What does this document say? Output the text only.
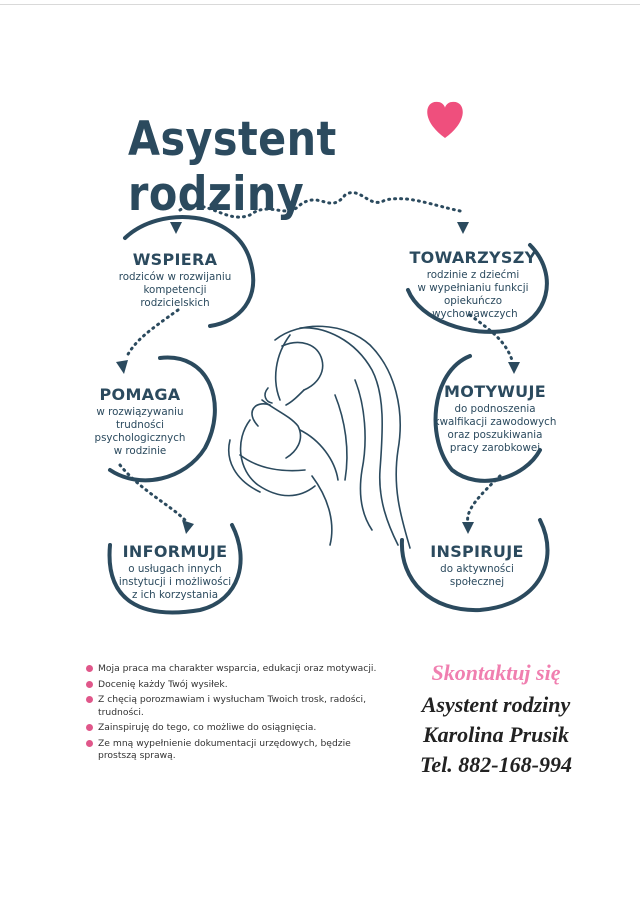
Asystent rodziny
WSPIERA
rodziców w rozwijaniu
kompetencji
rodzicielskich
TOWARZYSZY
rodzinie z dziećmi
w wypełnianiu funkcji
opiekuńczo
-wychowawczych
POMAGA
w rozwiązywaniu
trudności
psychologicznych
w rodzinie
MOTYWUJE
do podnoszenia
kwalfikacji zawodowych
oraz poszukiwania
pracy zarobkowej
INFORMUJE
o usługach innych
instytucji i możliwości
z ich korzystania
INSPIRUJE
do aktywności
społecznej
Moja praca ma charakter wsparcia, edukacji oraz motywacji.
Docenię każdy Twój wysiłek.
Z chęcią porozmawiam i wysłucham Twoich trosk, radości, trudności.
Zainspiruję do tego, co możliwe do osiągnięcia.
Ze mną wypełnienie dokumentacji urzędowych, będzie prostszą sprawą.
Skontaktuj się
Asystent rodziny
Karolina Prusik
Tel. 882-168-994
